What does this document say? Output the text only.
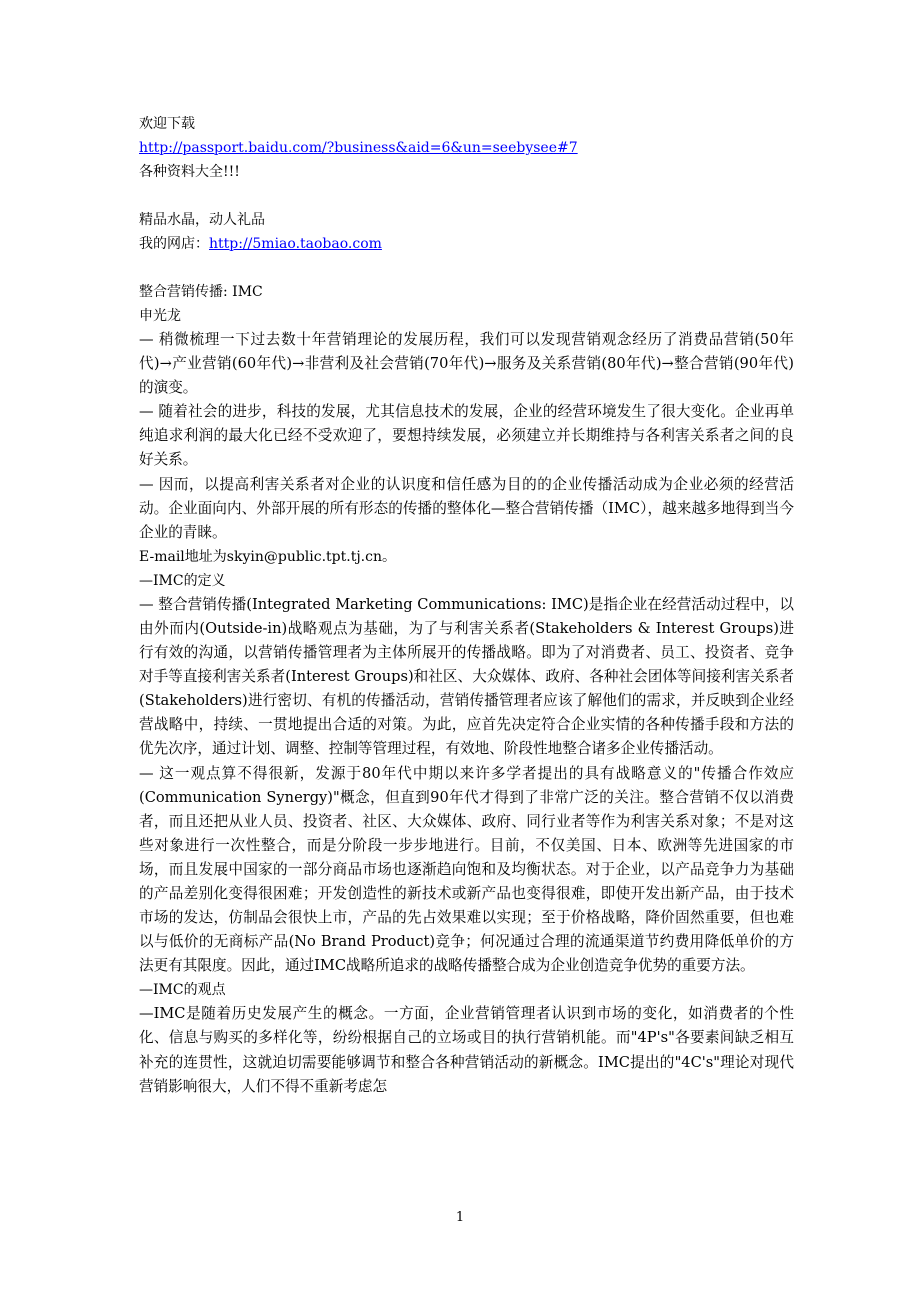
欢迎下载
http://passport.baidu.com/?business&aid=6&un=seebysee#7
各种资料大全!!!
精品水晶，动人礼品
我的网店：http://5miao.taobao.com
整合营销传播: IMC
申光龙

— 稍微梳理一下过去数十年营销理论的发展历程，我们可以发现营销观念经历了消费品营销(50年代)→产业营销(60年代)→非营利及社会营销(70年代)→服务及关系营销(80年代)→整合营销(90年代)的演变。

— 随着社会的进步，科技的发展，尤其信息技术的发展，企业的经营环境发生了很大变化。企业再单纯追求利润的最大化已经不受欢迎了，要想持续发展，必须建立并长期维持与各利害关系者之间的良好关系。

— 因而，以提高利害关系者对企业的认识度和信任感为目的的企业传播活动成为企业必须的经营活动。企业面向内、外部开展的所有形态的传播的整体化—整合营销传播（IMC），越来越多地得到当今企业的青睐。

E-mail地址为skyin@public.tpt.tj.cn。
—IMC的定义

— 整合营销传播(Integrated Marketing Communications: IMC)是指企业在经营活动过程中，以由外而内(Outside-in)战略观点为基础，为了与利害关系者(Stakeholders & Interest Groups)进行有效的沟通，以营销传播管理者为主体所展开的传播战略。即为了对消费者、员工、投资者、竞争对手等直接利害关系者(Interest Groups)和社区、大众媒体、政府、各种社会团体等间接利害关系者(Stakeholders)进行密切、有机的传播活动，营销传播管理者应该了解他们的需求，并反映到企业经营战略中，持续、一贯地提出合适的对策。为此，应首先决定符合企业实情的各种传播手段和方法的优先次序，通过计划、调整、控制等管理过程，有效地、阶段性地整合诸多企业传播活动。

— 这一观点算不得很新，发源于80年代中期以来许多学者提出的具有战略意义的"传播合作效应(Communication Synergy)"概念，但直到90年代才得到了非常广泛的关注。整合营销不仅以消费者，而且还把从业人员、投资者、社区、大众媒体、政府、同行业者等作为利害关系对象；不是对这些对象进行一次性整合，而是分阶段一步步地进行。目前，不仅美国、日本、欧洲等先进国家的市场，而且发展中国家的一部分商品市场也逐渐趋向饱和及均衡状态。对于企业，以产品竞争力为基础的产品差别化变得很困难；开发创造性的新技术或新产品也变得很难，即使开发出新产品，由于技术市场的发达，仿制品会很快上市，产品的先占效果难以实现；至于价格战略，降价固然重要，但也难以与低价的无商标产品(No Brand Product)竞争；何况通过合理的流通渠道节约费用降低单价的方法更有其限度。因此，通过IMC战略所追求的战略传播整合成为企业创造竞争优势的重要方法。

—IMC的观点

—IMC是随着历史发展产生的概念。一方面，企业营销管理者认识到市场的变化，如消费者的个性化、信息与购买的多样化等，纷纷根据自己的立场或目的执行营销机能。而"4P's"各要素间缺乏相互补充的连贯性，这就迫切需要能够调节和整合各种营销活动的新概念。IMC提出的"4C's"理论对现代营销影响很大，人们不得不重新考虑怎

1
